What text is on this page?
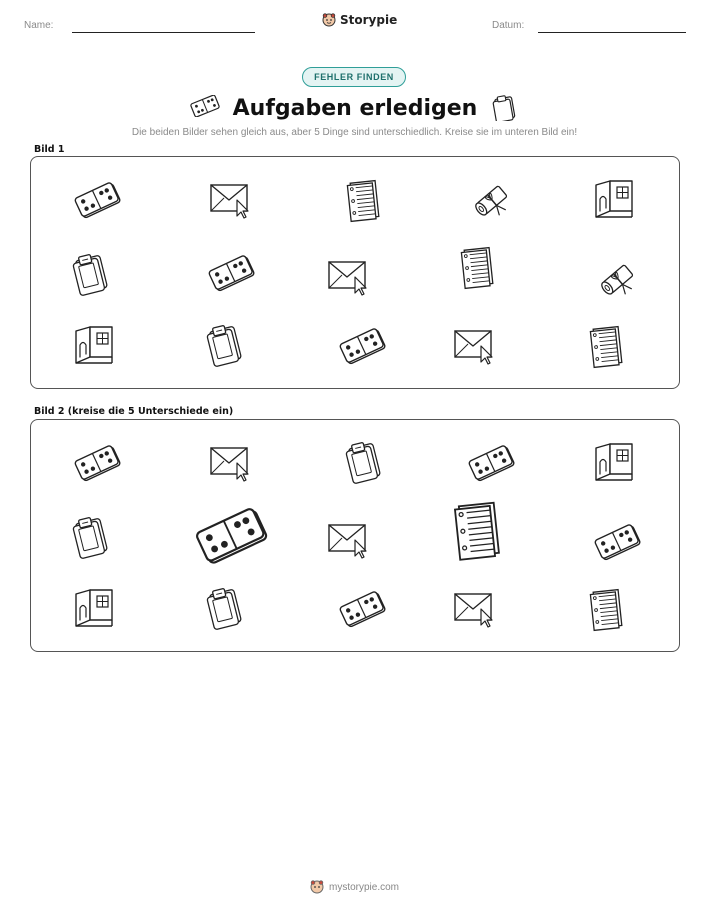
Name:	Storypie	Datum:
FEHLER FINDEN
Aufgaben erledigen
Die beiden Bilder sehen gleich aus, aber 5 Dinge sind unterschiedlich. Kreise sie im unteren Bild ein!
Bild 1
Bild 2 (kreise die 5 Unterschiede ein)
mystorypie.com
